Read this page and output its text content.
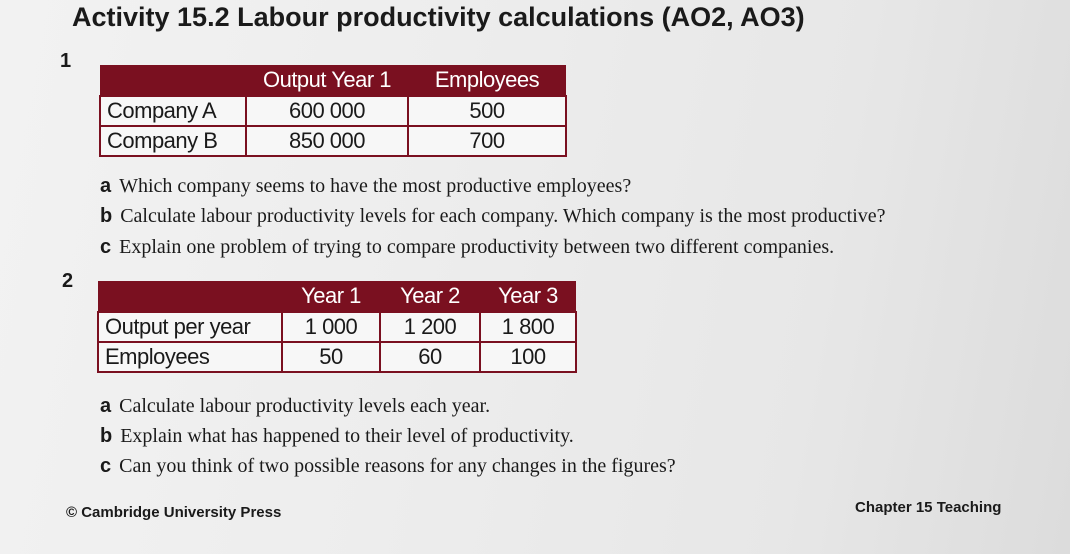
Activity 15.2 Labour productivity calculations (AO2, AO3)
1
	Output Year 1	Employees
Company A	600 000	500
Company B	850 000	700
a Which company seems to have the most productive employees?
b Calculate labour productivity levels for each company. Which company is the most productive?
c Explain one problem of trying to compare productivity between two different companies.
2
	Year 1	Year 2	Year 3
Output per year	1 000	1 200	1 800
Employees	50	60	100
a Calculate labour productivity levels each year.
b Explain what has happened to their level of productivity.
c Can you think of two possible reasons for any changes in the figures?
© Cambridge University Press	Chapter 15 Teaching
